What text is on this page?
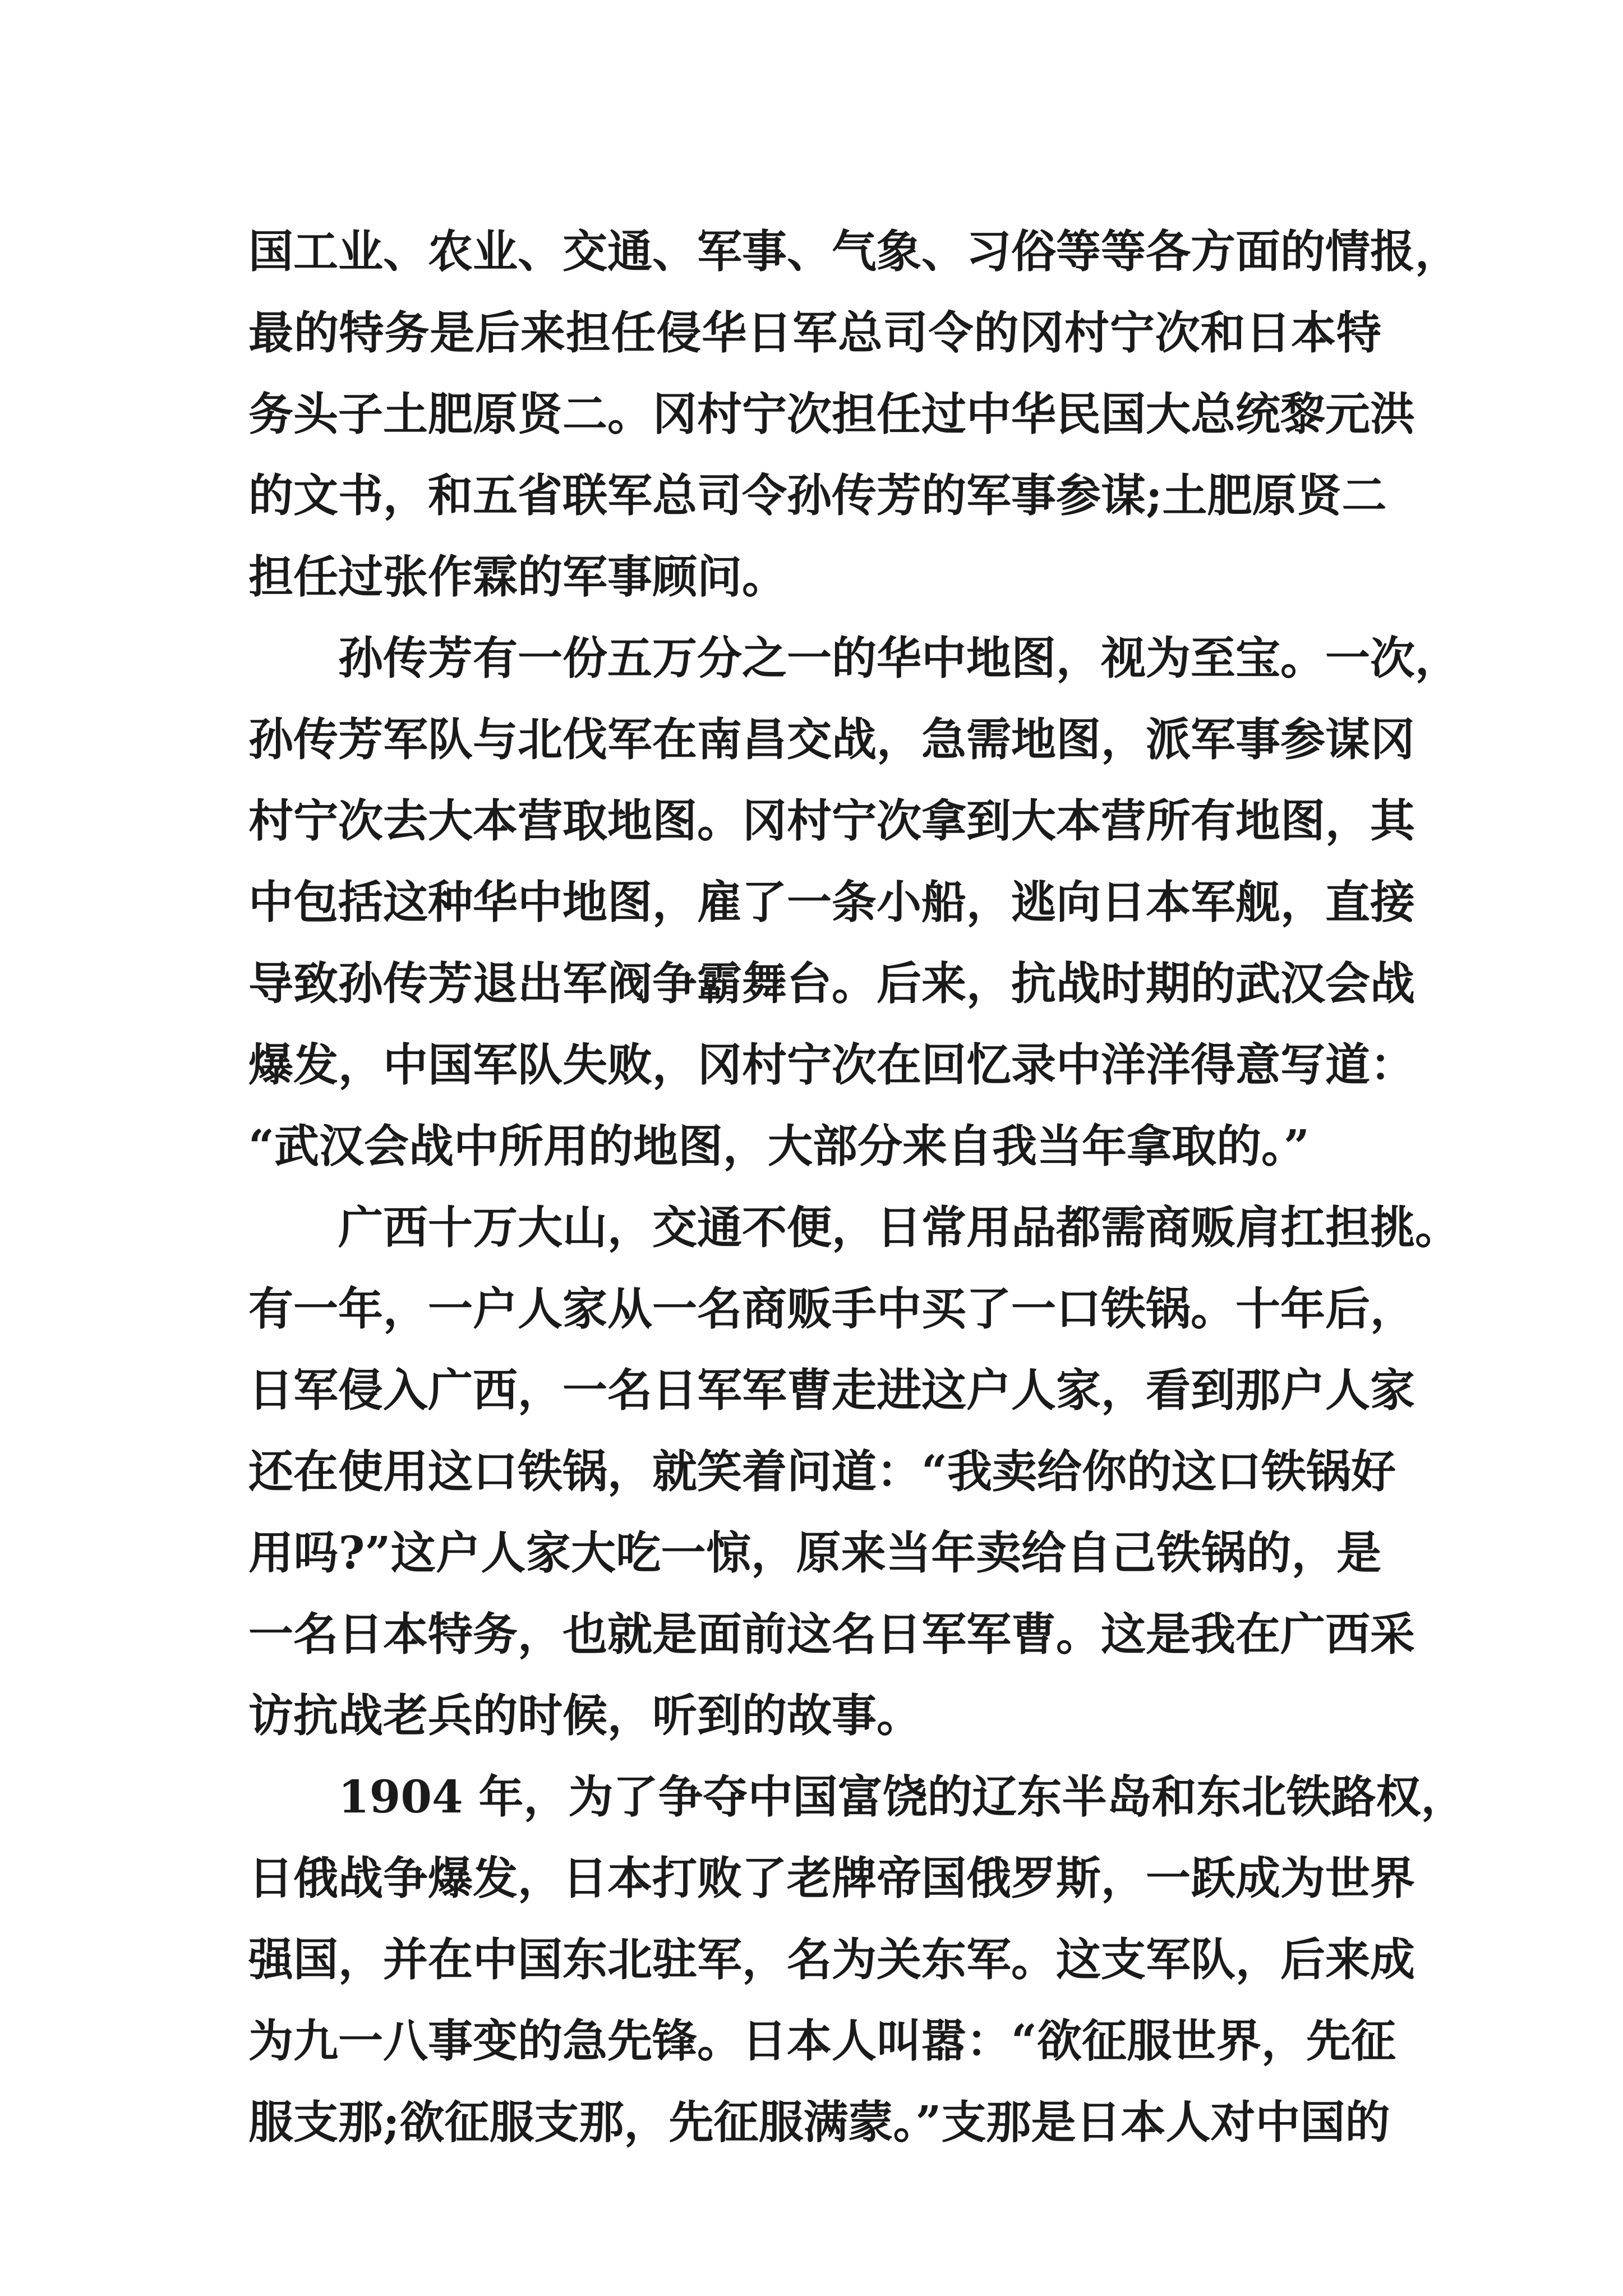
国工业、农业、交通、军事、气象、习俗等等各方面的情报，
最的特务是后来担任侵华日军总司令的冈村宁次和日本特
务头子土肥原贤二。冈村宁次担任过中华民国大总统黎元洪
的文书，和五省联军总司令孙传芳的军事参谋;土肥原贤二
担任过张作霖的军事顾问。
孙传芳有一份五万分之一的华中地图，视为至宝。一次，
孙传芳军队与北伐军在南昌交战，急需地图，派军事参谋冈
村宁次去大本营取地图。冈村宁次拿到大本营所有地图，其
中包括这种华中地图，雇了一条小船，逃向日本军舰，直接
导致孙传芳退出军阀争霸舞台。后来，抗战时期的武汉会战
爆发，中国军队失败，冈村宁次在回忆录中洋洋得意写道：
“武汉会战中所用的地图，大部分来自我当年拿取的。”
广西十万大山，交通不便，日常用品都需商贩肩扛担挑。
有一年，一户人家从一名商贩手中买了一口铁锅。十年后，
日军侵入广西，一名日军军曹走进这户人家，看到那户人家
还在使用这口铁锅，就笑着问道：“我卖给你的这口铁锅好
用吗?”这户人家大吃一惊，原来当年卖给自己铁锅的，是
一名日本特务，也就是面前这名日军军曹。这是我在广西采
访抗战老兵的时候，听到的故事。
1904 年，为了争夺中国富饶的辽东半岛和东北铁路权，
日俄战争爆发，日本打败了老牌帝国俄罗斯，一跃成为世界
强国，并在中国东北驻军，名为关东军。这支军队，后来成
为九一八事变的急先锋。日本人叫嚣：“欲征服世界，先征
服支那;欲征服支那，先征服满蒙。”支那是日本人对中国的
